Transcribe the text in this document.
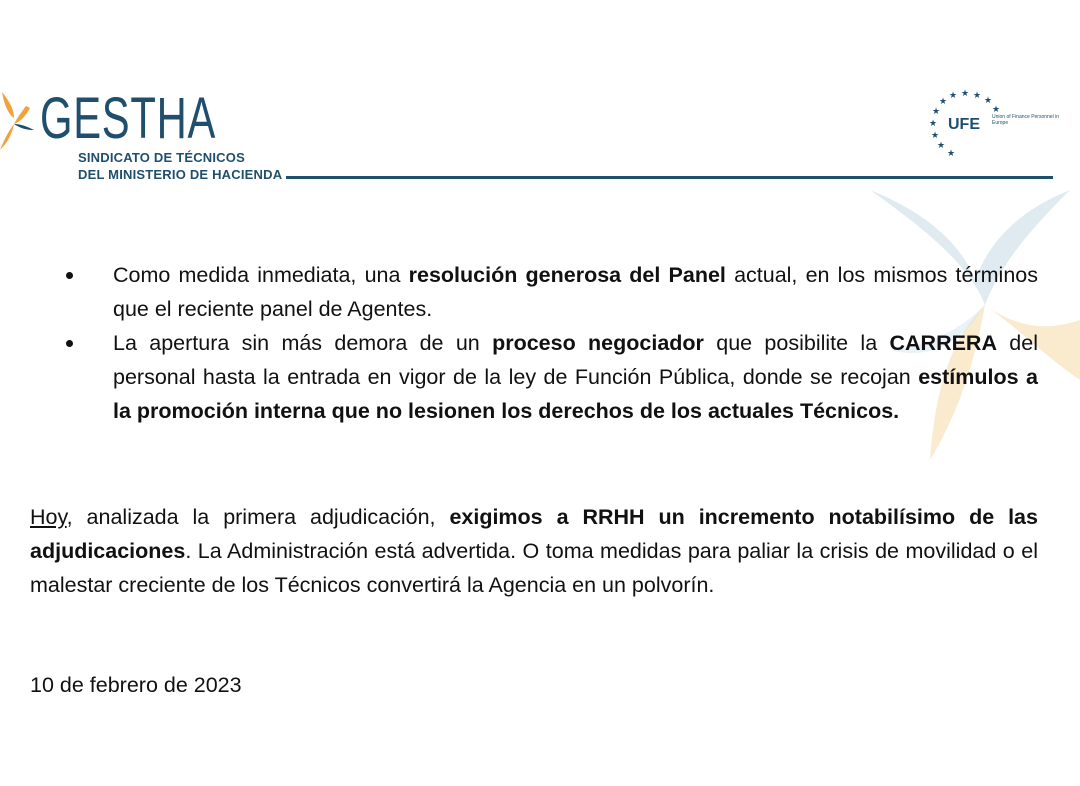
GESTHA
SINDICATO DE TÉCNICOS
DEL MINISTERIO DE HACIENDA
★ ★ ★
★
★
★
★
★
★
★
★
UFE Union of Finance Personnel in Europe
Como medida inmediata, una resolución generosa del Panel actual, en los mismos términos que el reciente panel de Agentes.
La apertura sin más demora de un proceso negociador que posibilite la CARRERA del personal hasta la entrada en vigor de la ley de Función Pública, donde se recojan estímulos a la promoción interna que no lesionen los derechos de los actuales Técnicos.
Hoy, analizada la primera adjudicación, exigimos a RRHH un incremento notabilísimo de las adjudicaciones. La Administración está advertida. O toma medidas para paliar la crisis de movilidad o el malestar creciente de los Técnicos convertirá la Agencia en un polvorín.
10 de febrero de 2023
